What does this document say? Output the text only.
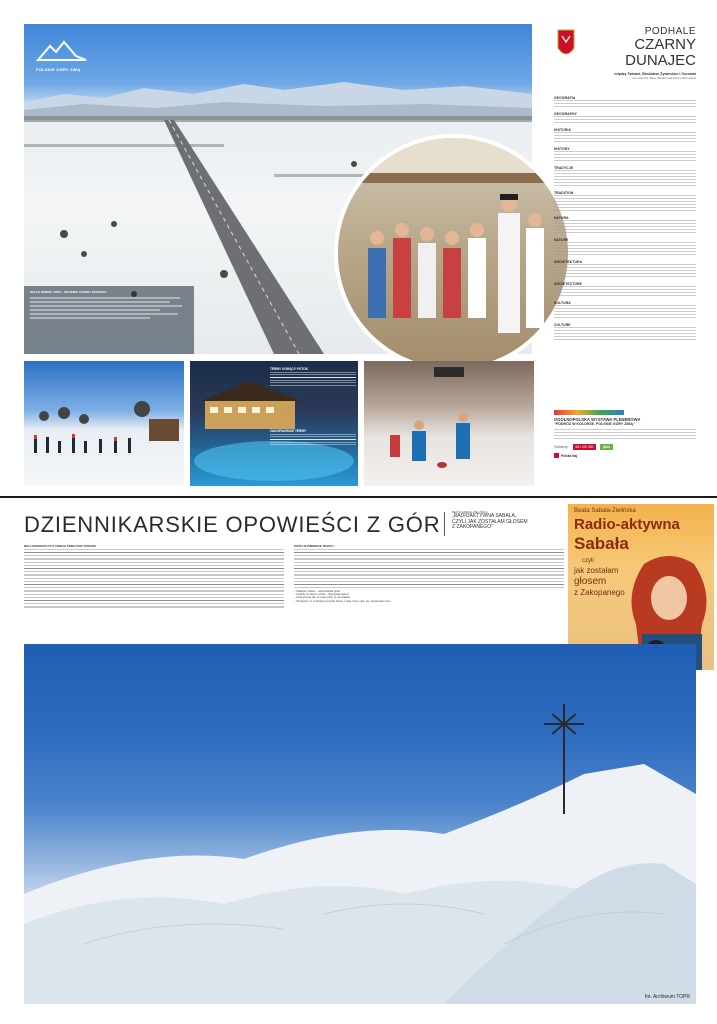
POLSKIE GÓRY ZIMĄ
SZLAK WOKÓŁ TATR – ODCINEK CZARNY DUNAJEC
PODHALE
CZARNY
DUNAJEC
między Tatrami, Beskidem Żywieckim i Gorcami
set near the Tatra, Beskid and Gorce Mountains
GEOGRAFIA
GEOGRAPHY
HISTORIA
HISTORY
TRADYCJE
TRADITION
NATURA
NATURE
ARCHITEKTURA
ARCHITECTURE
KULTURA
CULTURE
OGÓLNOPOLSKA WYSTAWA PLENEROWA
"PODRÓŻ W KOLORZE. POLSKIE GÓRY ZIMĄ"
Partnerzy:	601 100 300	plus
Polska Naj
TERMY GORĄCY POTOK
ZAKOPIAŃSKIE TERMY
DZIENNIKARSKIE OPOWIEŚCI Z GÓR	BEATA SABAŁA-ZIELIŃSKA
„RADIOAKTYWNA SABAŁA,
CZYLI JAK ZOSTAŁAM GŁOSEM
Z ZAKOPANEGO"
BOLLYWOODZKI CZYLI WIELKI ŚNIEG POD TATRAMI.	KOŚCI SI PIERWSZE TRASZY...
– Szałanie, tradzie – odpowiedział góral.
– A każdy na skarze czarze – dopytywał pięknie.
– Czas gotowe tak, to nowe pracy, to na szałasie.
– Szczęście, że w Tatrach jest wiele słowa, o tutaj, trasy, tutaj, się: zastanowiec nam.
Beata Sabała-Zielińska
Radio-aktywna
Sabała
czyli
jak zostałam
głosem
z Zakopanego
fot. Archiwum TOPR
